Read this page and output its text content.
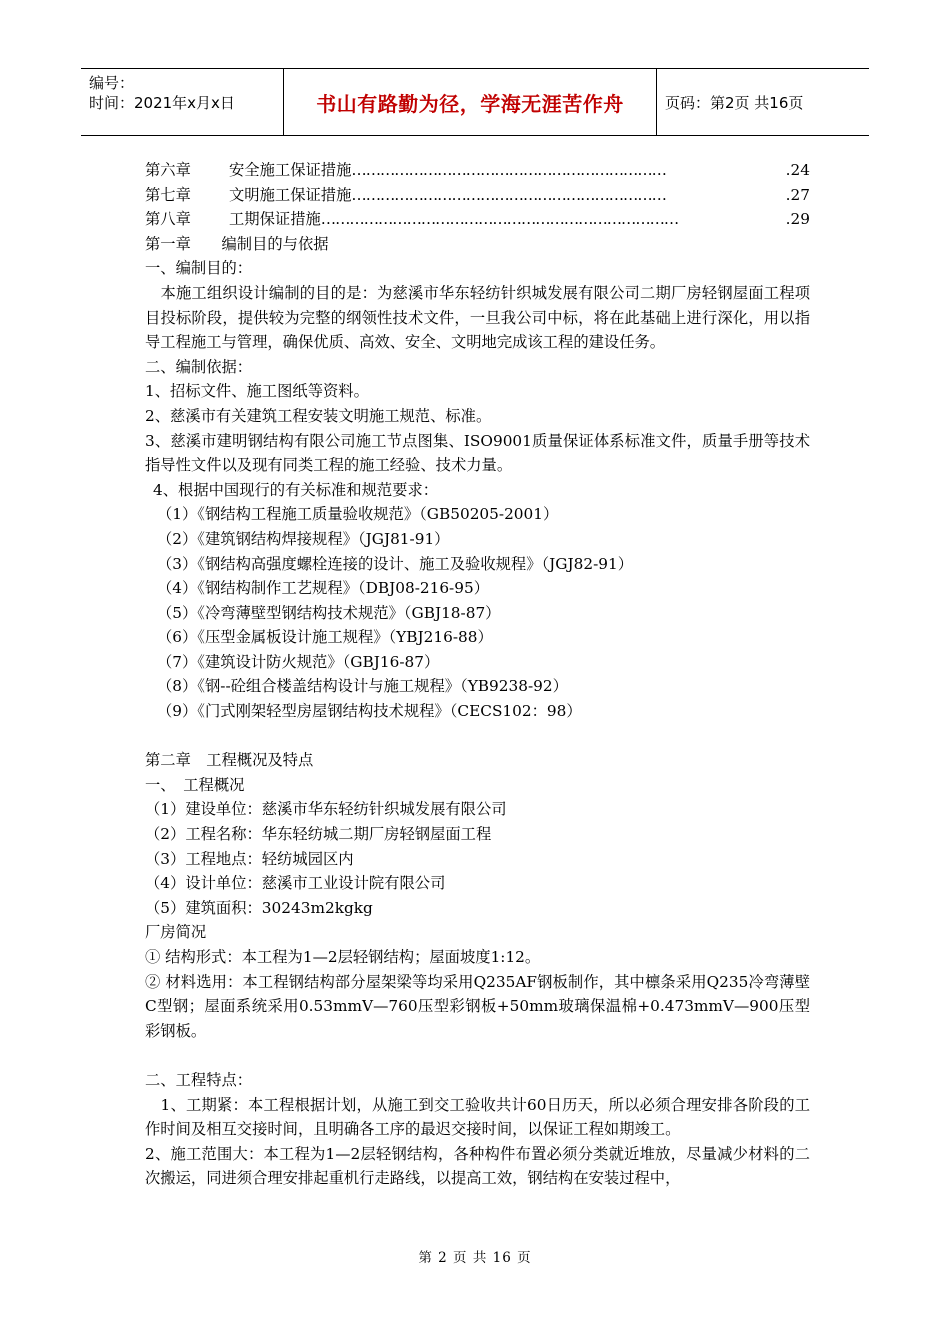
编号：
时间：2021年x月x日	书山有路勤为径，学海无涯苦作舟	页码：第2页 共16页
第六章	安全施工保证措施 …………………………………………………………	.24
第七章	文明施工保证措施 …………………………………………………………	.27
第八章	工期保证措施 …………………………………………………………………	.29
第一章　　编制目的与依据
一、编制目的：
　本施工组织设计编制的目的是：为慈溪市华东轻纺针织城发展有限公司二期厂房轻钢屋面工程项目投标阶段，提供较为完整的纲领性技术文件，一旦我公司中标，将在此基础上进行深化，用以指导工程施工与管理，确保优质、高效、安全、文明地完成该工程的建设任务。
二、编制依据：
1、招标文件、施工图纸等资料。
2、慈溪市有关建筑工程安装文明施工规范、标准。
3、慈溪市建明钢结构有限公司施工节点图集、ISO9001质量保证体系标准文件，质量手册等技术指导性文件以及现有同类工程的施工经验、技术力量。
4、根据中国现行的有关标准和规范要求：
（1）《钢结构工程施工质量验收规范》（GB50205-2001）
（2）《建筑钢结构焊接规程》（JGJ81-91）
（3）《钢结构高强度螺栓连接的设计、施工及验收规程》（JGJ82-91）
（4）《钢结构制作工艺规程》（DBJ08-216-95）
（5）《冷弯薄壁型钢结构技术规范》（GBJ18-87）
（6）《压型金属板设计施工规程》（YBJ216-88）
（7）《建筑设计防火规范》（GBJ16-87）
（8）《钢--砼组合楼盖结构设计与施工规程》（YB9238-92）
（9）《门式刚架轻型房屋钢结构技术规程》（CECS102：98）
第二章　工程概况及特点
一、　工程概况
（1）建设单位：慈溪市华东轻纺针织城发展有限公司
（2）工程名称：华东轻纺城二期厂房轻钢屋面工程
（3）工程地点：轻纺城园区内
（4）设计单位：慈溪市工业设计院有限公司
（5）建筑面积：30243m2kgkg
厂房简况
① 结构形式：本工程为1—2层轻钢结构；屋面坡度1:12。
② 材料选用：本工程钢结构部分屋架梁等均采用Q235AF钢板制作，其中檩条采用Q235冷弯薄壁C型钢；屋面系统采用0.53mmV—760压型彩钢板+50mm玻璃保温棉+0.473mmV—900压型彩钢板。
二、工程特点：
　1、工期紧：本工程根据计划，从施工到交工验收共计60日历天，所以必须合理安排各阶段的工作时间及相互交接时间，且明确各工序的最迟交接时间，以保证工程如期竣工。
2、施工范围大：本工程为1—2层轻钢结构，各种构件布置必须分类就近堆放，尽量减少材料的二次搬运，同进须合理安排起重机行走路线，以提高工效，钢结构在安装过程中，
第 2 页 共 16 页
